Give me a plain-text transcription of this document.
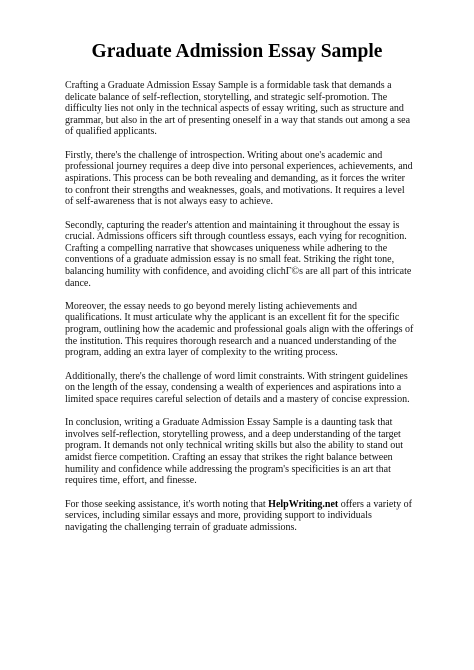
Graduate Admission Essay Sample

Crafting a Graduate Admission Essay Sample is a formidable task that demands a delicate balance of self-reflection, storytelling, and strategic self-promotion. The difficulty lies not only in the technical aspects of essay writing, such as structure and grammar, but also in the art of presenting oneself in a way that stands out among a sea of qualified applicants.

Firstly, there's the challenge of introspection. Writing about one's academic and professional journey requires a deep dive into personal experiences, achievements, and aspirations. This process can be both revealing and demanding, as it forces the writer to confront their strengths and weaknesses, goals, and motivations. It requires a level of self-awareness that is not always easy to achieve.

Secondly, capturing the reader's attention and maintaining it throughout the essay is crucial. Admissions officers sift through countless essays, each vying for recognition. Crafting a compelling narrative that showcases uniqueness while adhering to the conventions of a graduate admission essay is no small feat. Striking the right tone, balancing humility with confidence, and avoiding clichГ©s are all part of this intricate dance.

Moreover, the essay needs to go beyond merely listing achievements and qualifications. It must articulate why the applicant is an excellent fit for the specific program, outlining how the academic and professional goals align with the offerings of the institution. This requires thorough research and a nuanced understanding of the program, adding an extra layer of complexity to the writing process.

Additionally, there's the challenge of word limit constraints. With stringent guidelines on the length of the essay, condensing a wealth of experiences and aspirations into a limited space requires careful selection of details and a mastery of concise expression.

In conclusion, writing a Graduate Admission Essay Sample is a daunting task that involves self-reflection, storytelling prowess, and a deep understanding of the target program. It demands not only technical writing skills but also the ability to stand out amidst fierce competition. Crafting an essay that strikes the right balance between humility and confidence while addressing the program's specificities is an art that requires time, effort, and finesse.

For those seeking assistance, it's worth noting that HelpWriting.net offers a variety of services, including similar essays and more, providing support to individuals navigating the challenging terrain of graduate admissions.
